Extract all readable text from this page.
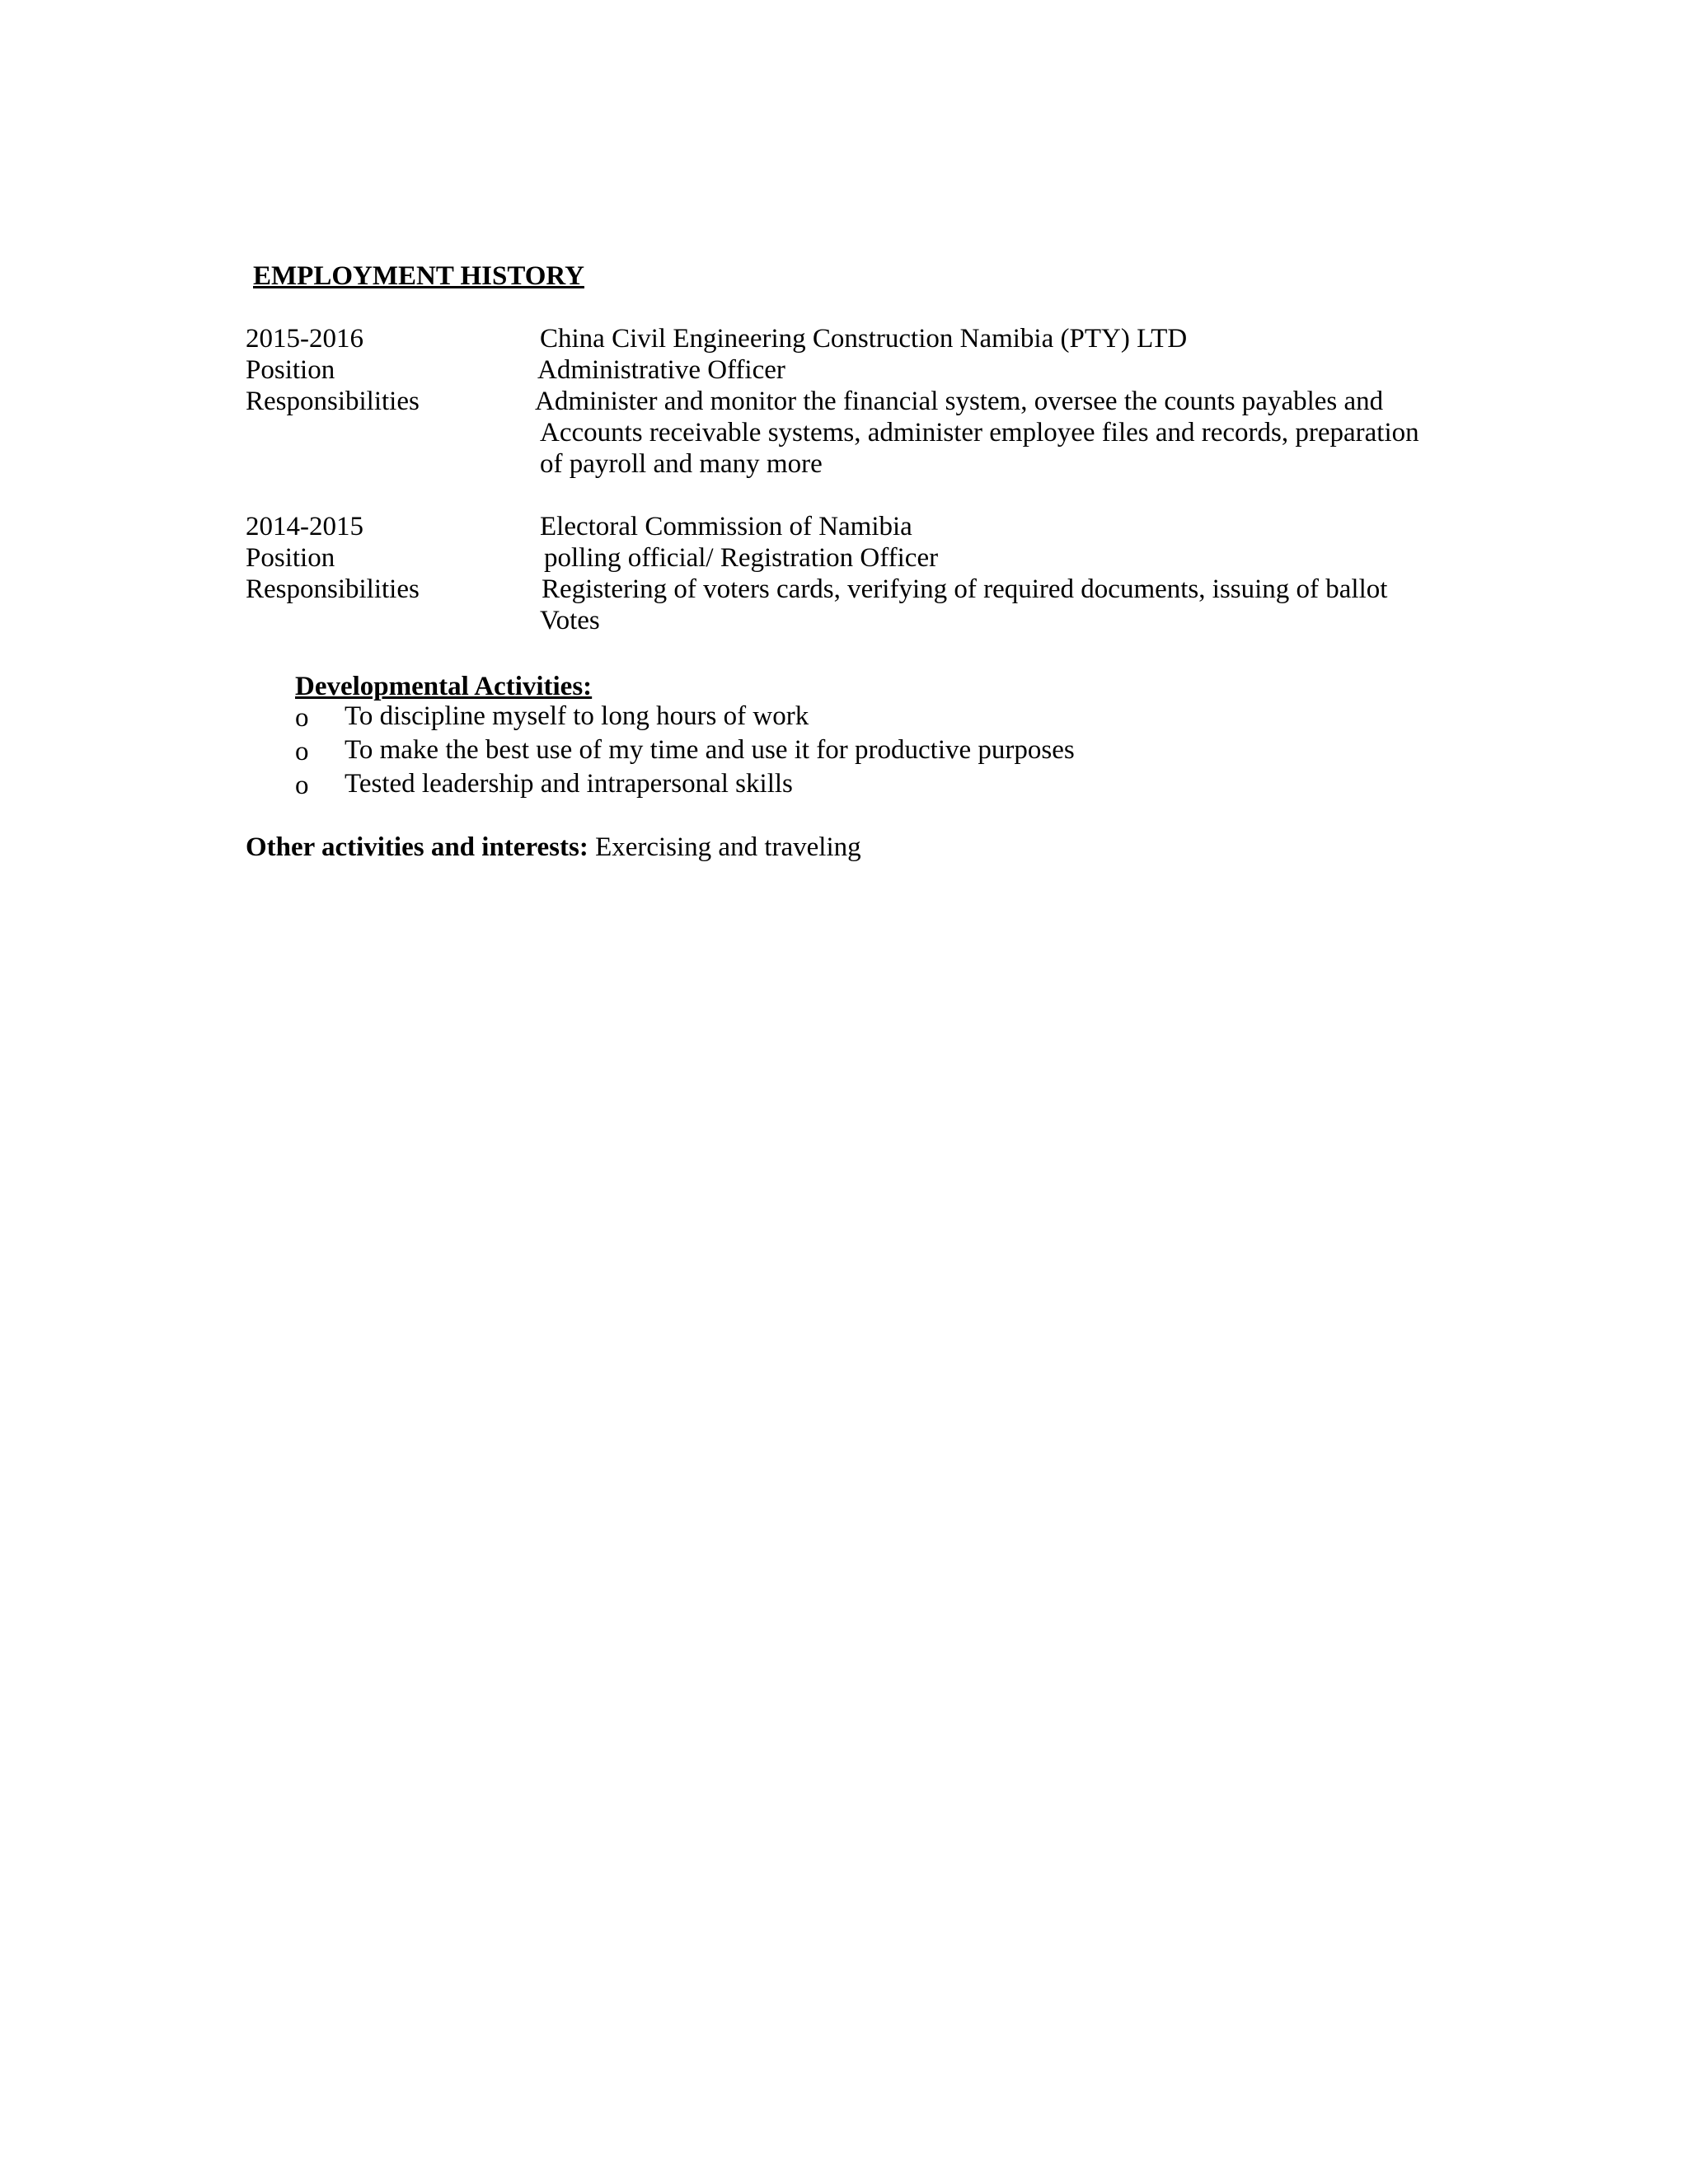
EMPLOYMENT HISTORY
2015-2016	China Civil Engineering Construction Namibia (PTY) LTD
Position	Administrative Officer
Responsibilities	Administer and monitor the financial system, oversee the counts payables and
Accounts receivable systems, administer employee files and records, preparation
of payroll and many more
2014-2015	Electoral Commission of Namibia
Position	polling official/ Registration Officer
Responsibilities	Registering of voters cards, verifying of required documents, issuing of ballot
Votes
Developmental Activities:
o To discipline myself to long hours of work
o To make the best use of my time and use it for productive purposes
o Tested leadership and intrapersonal skills
Other activities and interests: Exercising and traveling
